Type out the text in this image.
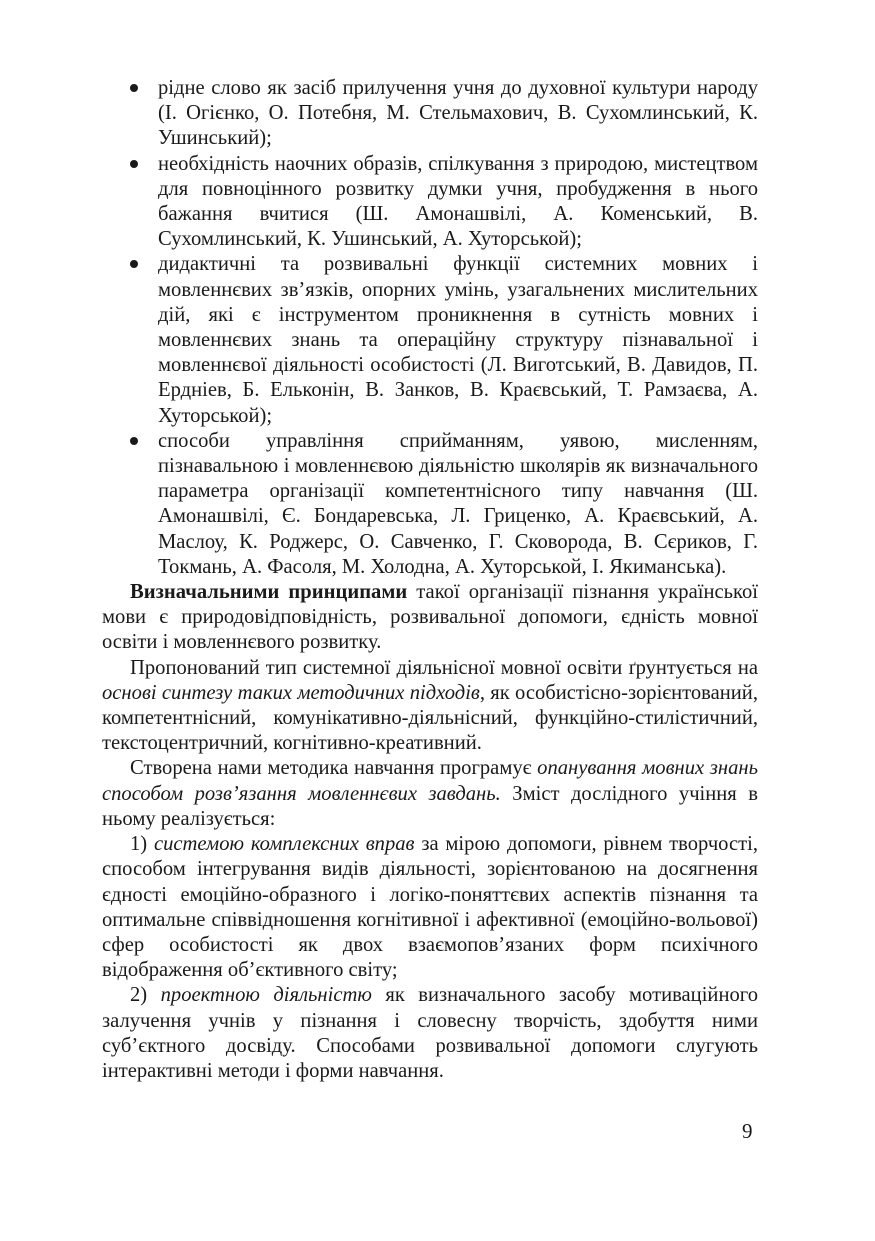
рідне слово як засіб прилучення учня до духовної культури народу (І. Огієнко, О. Потебня, М. Стельмахович, В. Сухомлинський, К. Ушинський);
необхідність наочних образів, спілкування з природою, мистецтвом для повноцінного розвитку думки учня, пробудження в нього бажання вчитися (Ш. Амонашвілі, А. Коменський, В. Сухомлинський, К. Ушинський, А. Хуторськой);
дидактичні та розвивальні функції системних мовних і мовленнєвих зв’язків, опорних умінь, узагальнених мислительних дій, які є інструментом проникнення в сутність мовних і мовленнєвих знань та операційну структуру пізнавальної і мовленнєвої діяльності особистості (Л. Виготський, В. Давидов, П. Ердніев, Б. Ельконін, В. Занков, В. Краєвський, Т. Рамзаєва, А. Хуторськой);
способи управління сприйманням, уявою, мисленням, пізнавальною і мовленнєвою діяльністю школярів як визначального параметра організації компетентнісного типу навчання (Ш. Амонашвілі, Є. Бондаревська, Л. Гриценко, А. Краєвський, А. Маслоу, К. Роджерс, О. Савченко, Г. Сковорода, В. Сєриков, Г. Токмань, А. Фасоля, М. Холодна, А. Хуторськой, І. Якиманська).

Визначальними принципами такої організації пізнання української мови є природовідповідність, розвивальної допомоги, єдність мовної освіти і мовленнєвого розвитку.

Пропонований тип системної діяльнісної мовної освіти ґрунтується на основі синтезу таких методичних підходів, як особистісно-зорієнтований, компетентнісний, комунікативно-діяльнісний, функційно-стилістичний, текстоцентричний, когнітивно-креативний.

Створена нами методика навчання програмує опанування мовних знань способом розв’язання мовленнєвих завдань. Зміст дослідного учіння в ньому реалізується:

1) системою комплексних вправ за мірою допомоги, рівнем творчості, способом інтегрування видів діяльності, зорієнтованою на досягнення єдності емоційно-образного і логіко-поняттєвих аспектів пізнання та оптимальне співвідношення когнітивної і афективної (емоційно-вольової) сфер особистості як двох взаємопов’язаних форм психічного відображення об’єктивного світу;

2) проектною діяльністю як визначального засобу мотиваційного залучення учнів у пізнання і словесну творчість, здобуття ними суб’єктного досвіду. Способами розвивальної допомоги слугують інтерактивні методи і форми навчання.

9
